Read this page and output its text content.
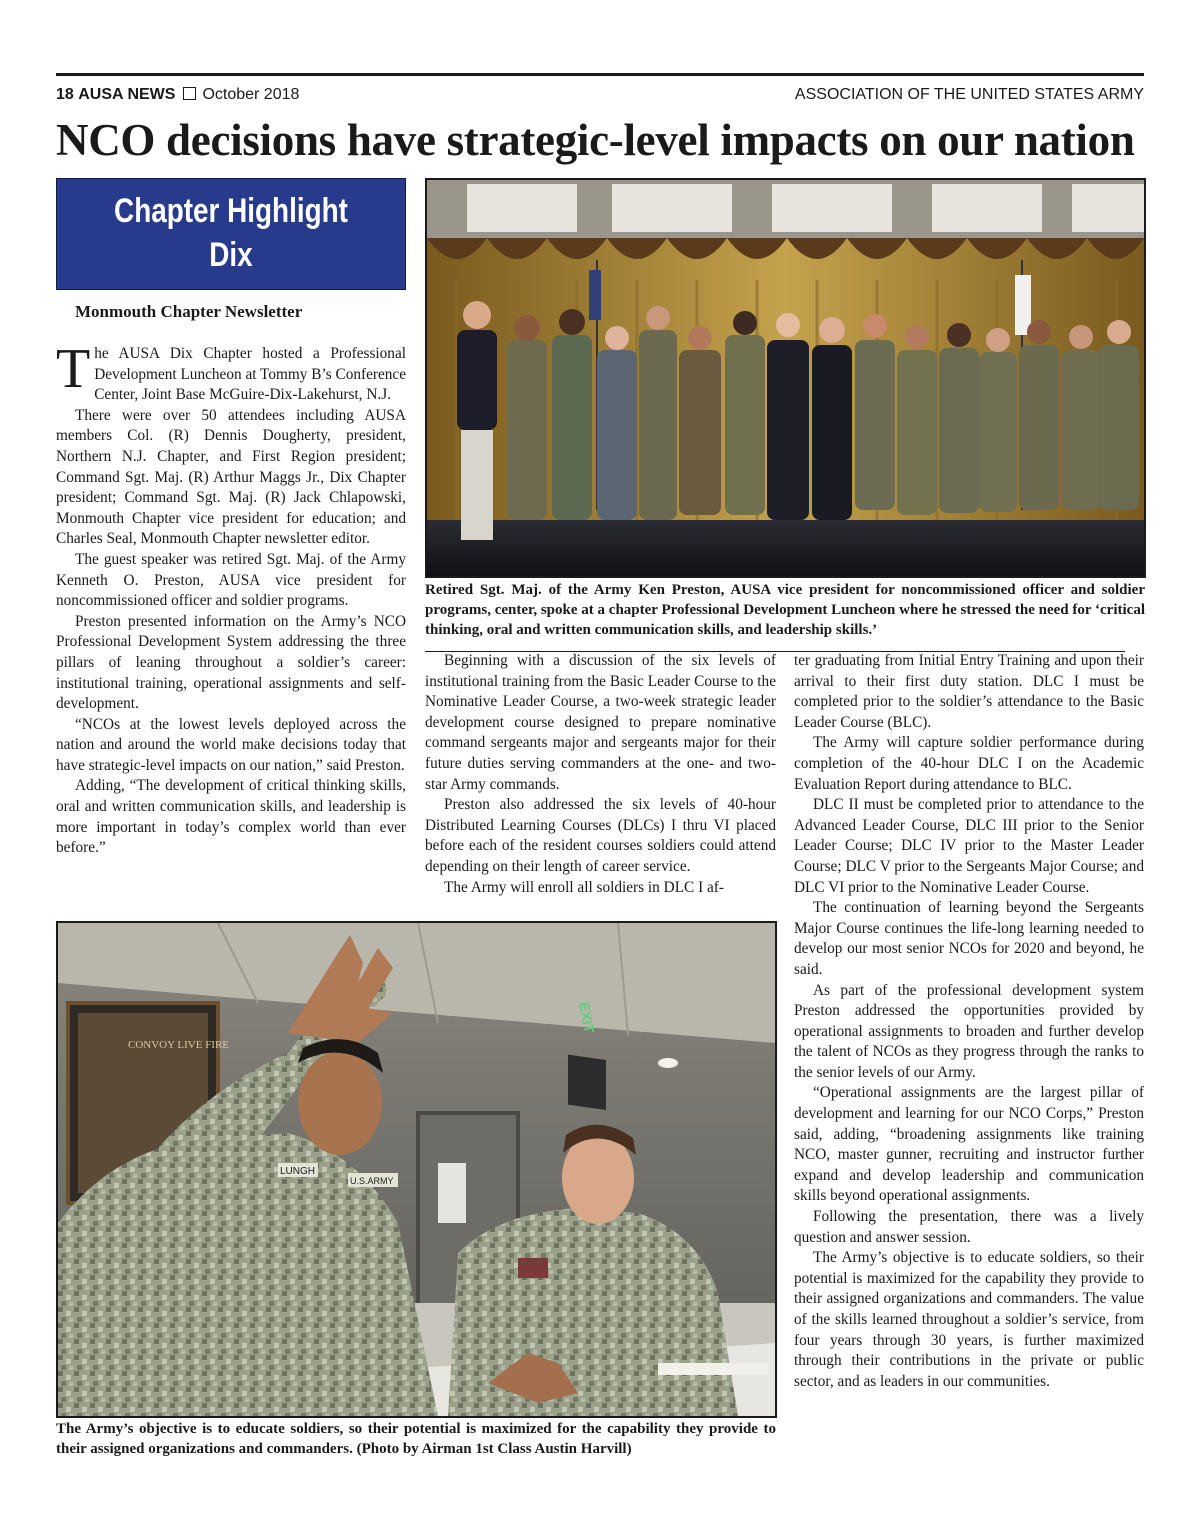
18 AUSA NEWS October 2018	ASSOCIATION OF THE UNITED STATES ARMY
NCO decisions have strategic-level impacts on our nation
Chapter Highlight
Dix
Monmouth Chapter Newsletter

The AUSA Dix Chapter hosted a Professional Development Luncheon at Tommy B’s Conference Center, Joint Base McGuire-Dix-Lakehurst, N.J.

There were over 50 attendees including AUSA members Col. (R) Dennis Dougherty, president, Northern N.J. Chapter, and First Region president; Command Sgt. Maj. (R) Arthur Maggs Jr., Dix Chapter president; Command Sgt. Maj. (R) Jack Chlapowski, Monmouth Chapter vice president for education; and Charles Seal, Monmouth Chapter newsletter editor.

The guest speaker was retired Sgt. Maj. of the Army Kenneth O. Preston, AUSA vice president for noncommissioned officer and soldier programs.

Preston presented information on the Army’s NCO Professional Development System addressing the three pillars of leaning throughout a soldier’s career: institutional training, operational assignments and self-development.

“NCOs at the lowest levels deployed across the nation and around the world make decisions today that have strategic-level impacts on our nation,” said Preston.

Adding, “The development of critical thinking skills, oral and written communication skills, and leadership is more important in today’s complex world than ever before.”

Retired Sgt. Maj. of the Army Ken Preston, AUSA vice president for noncommissioned officer and soldier programs, center, spoke at a chapter Professional Development Luncheon where he stressed the need for ‘critical thinking, oral and written communication skills, and leadership skills.’

Beginning with a discussion of the six levels of institutional training from the Basic Leader Course to the Nominative Leader Course, a two-week strategic leader development course designed to prepare nominative command sergeants major and sergeants major for their future duties serving commanders at the one- and two-star Army commands.

Preston also addressed the six levels of 40-hour Distributed Learning Courses (DLCs) I thru VI placed before each of the resident courses soldiers could attend depending on their length of career service.

The Army will enroll all soldiers in DLC I af-

ter graduating from Initial Entry Training and upon their arrival to their first duty station. DLC I must be completed prior to the soldier’s attendance to the Basic Leader Course (BLC).

The Army will capture soldier performance during completion of the 40-hour DLC I on the Academic Evaluation Report during attendance to BLC.

DLC II must be completed prior to attendance to the Advanced Leader Course, DLC III prior to the Senior Leader Course; DLC IV prior to the Master Leader Course; DLC V prior to the Sergeants Major Course; and DLC VI prior to the Nominative Leader Course.

The continuation of learning beyond the Sergeants Major Course continues the life-long learning needed to develop our most senior NCOs for 2020 and beyond, he said.

As part of the professional development system Preston addressed the opportunities provided by operational assignments to broaden and further develop the talent of NCOs as they progress through the ranks to the senior levels of our Army.

“Operational assignments are the largest pillar of development and learning for our NCO Corps,” Preston said, adding, “broadening assignments like training NCO, master gunner, recruiting and instructor further expand and develop leadership and communication skills beyond operational assignments.

Following the presentation, there was a lively question and answer session.

The Army’s objective is to educate soldiers, so their potential is maximized for the capability they provide to their assigned organizations and commanders. The value of the skills learned throughout a soldier’s service, from four years through 30 years, is further maximized through their contributions in the private or public sector, and as leaders in our communities.

CONVOY LIVE FIRE
EXIT
LUNGH
U.S.ARMY
The Army’s objective is to educate soldiers, so their potential is maximized for the capability they provide to their assigned organizations and commanders. (Photo by Airman 1st Class Austin Harvill)
